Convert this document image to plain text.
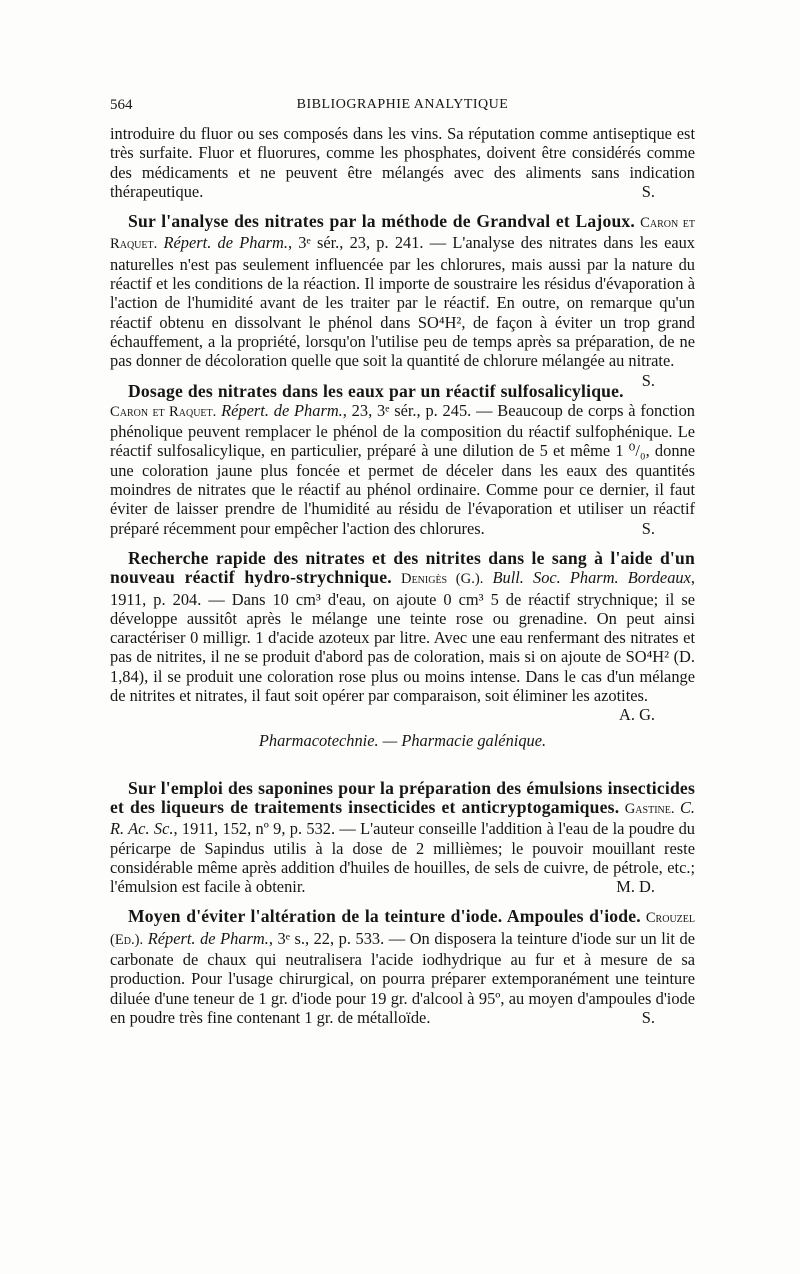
564	BIBLIOGRAPHIE ANALYTIQUE

introduire du fluor ou ses composés dans les vins. Sa réputation comme antiseptique est très surfaite. Fluor et fluorures, comme les phosphates, doivent être considérés comme des médicaments et ne peuvent être mélangés avec des aliments sans indication thérapeutique.	S.

Sur l'analyse des nitrates par la méthode de Grandval et Lajoux. Caron et Raquet. Répert. de Pharm., 3ᵉ sér., 23, p. 241. — L'analyse des nitrates dans les eaux naturelles n'est pas seulement influencée par les chlorures, mais aussi par la nature du réactif et les conditions de la réaction. Il importe de soustraire les résidus d'évaporation à l'action de l'humidité avant de les traiter par le réactif. En outre, on remarque qu'un réactif obtenu en dissolvant le phénol dans SO⁴H², de façon à éviter un trop grand échauffement, a la propriété, lorsqu'on l'utilise peu de temps après sa préparation, de ne pas donner de décoloration quelle que soit la quantité de chlorure mélangée au nitrate.
S.

Dosage des nitrates dans les eaux par un réactif sulfosalicylique. Caron et Raquet. Répert. de Pharm., 23, 3ᵉ sér., p. 245. — Beaucoup de corps à fonction phénolique peuvent remplacer le phénol de la composition du réactif sulfophénique. Le réactif sulfosalicylique, en particulier, préparé à une dilution de 5 et même 1 ⁰/₀, donne une coloration jaune plus foncée et permet de déceler dans les eaux des quantités moindres de nitrates que le réactif au phénol ordinaire. Comme pour ce dernier, il faut éviter de laisser prendre de l'humidité au résidu de l'évaporation et utiliser un réactif préparé récemment pour empêcher l'action des chlorures.	S.

Recherche rapide des nitrates et des nitrites dans le sang à l'aide d'un nouveau réactif hydro-strychnique. Denigès (G.). Bull. Soc. Pharm. Bordeaux, 1911, p. 204. — Dans 10 cm³ d'eau, on ajoute 0 cm³ 5 de réactif strychnique; il se développe aussitôt après le mélange une teinte rose ou grenadine. On peut ainsi caractériser 0 milligr. 1 d'acide azoteux par litre. Avec une eau renfermant des nitrates et pas de nitrites, il ne se produit d'abord pas de coloration, mais si on ajoute de SO⁴H² (D. 1,84), il se produit une coloration rose plus ou moins intense. Dans le cas d'un mélange de nitrites et nitrates, il faut soit opérer par comparaison, soit éliminer les azotites.
A. G.

Pharmacotechnie. — Pharmacie galénique.

Sur l'emploi des saponines pour la préparation des émulsions insecticides et des liqueurs de traitements insecticides et anticryptogamiques. Gastine. C. R. Ac. Sc., 1911, 152, nº 9, p. 532. — L'auteur conseille l'addition à l'eau de la poudre du péricarpe de Sapindus utilis à la dose de 2 millièmes; le pouvoir mouillant reste considérable même après addition d'huiles de houilles, de sels de cuivre, de pétrole, etc.; l'émulsion est facile à obtenir.	M. D.

Moyen d'éviter l'altération de la teinture d'iode. Ampoules d'iode. Crouzel (Ed.). Répert. de Pharm., 3ᵉ s., 22, p. 533. — On disposera la teinture d'iode sur un lit de carbonate de chaux qui neutralisera l'acide iodhydrique au fur et à mesure de sa production. Pour l'usage chirurgical, on pourra préparer extemporanément une teinture diluée d'une teneur de 1 gr. d'iode pour 19 gr. d'alcool à 95º, au moyen d'ampoules d'iode en poudre très fine contenant 1 gr. de métalloïde.	S.
